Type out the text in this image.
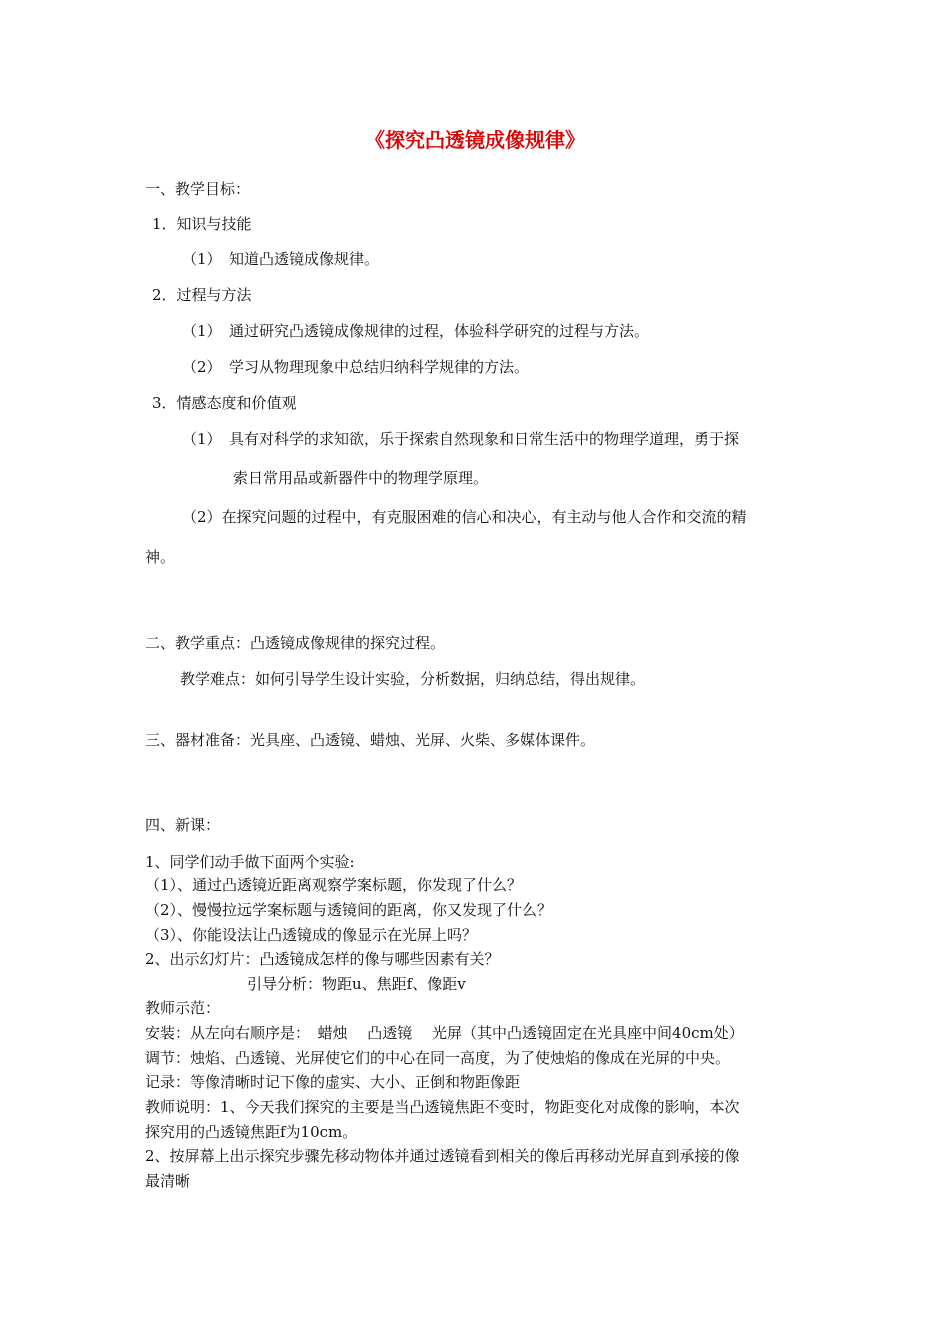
《探究凸透镜成像规律》
一、教学目标：
1．知识与技能
（1）　知道凸透镜成像规律。
2．过程与方法
（1）　通过研究凸透镜成像规律的过程，体验科学研究的过程与方法。
（2）　学习从物理现象中总结归纳科学规律的方法。
3．情感态度和价值观
（1）　具有对科学的求知欲，乐于探索自然现象和日常生活中的物理学道理，勇于探
索日常用品或新器件中的物理学原理。
（2）在探究问题的过程中，有克服困难的信心和决心，有主动与他人合作和交流的精
神。
二、教学重点：凸透镜成像规律的探究过程。
教学难点：如何引导学生设计实验，分析数据，归纳总结，得出规律。
三、器材准备：光具座、凸透镜、蜡烛、光屏、火柴、多媒体课件。
四、新课：
1、同学们动手做下面两个实验:
（1）、通过凸透镜近距离观察学案标题，你发现了什么？
（2）、慢慢拉远学案标题与透镜间的距离，你又发现了什么？
（3）、你能设法让凸透镜成的像显示在光屏上吗？
2、出示幻灯片：凸透镜成怎样的像与哪些因素有关？
引导分析：物距u、焦距f、像距v
教师示范：
安装：从左向右顺序是：　蜡烛　 凸透镜　 光屏（其中凸透镜固定在光具座中间40cm处）
调节：烛焰、凸透镜、光屏使它们的中心在同一高度，为了使烛焰的像成在光屏的中央。
记录：等像清晰时记下像的虚实、大小、正倒和物距像距
教师说明：1、今天我们探究的主要是当凸透镜焦距不变时，物距变化对成像的影响，本次
探究用的凸透镜焦距f为10cm。
2、按屏幕上出示探究步骤先移动物体并通过透镜看到相关的像后再移动光屏直到承接的像
最清晰
